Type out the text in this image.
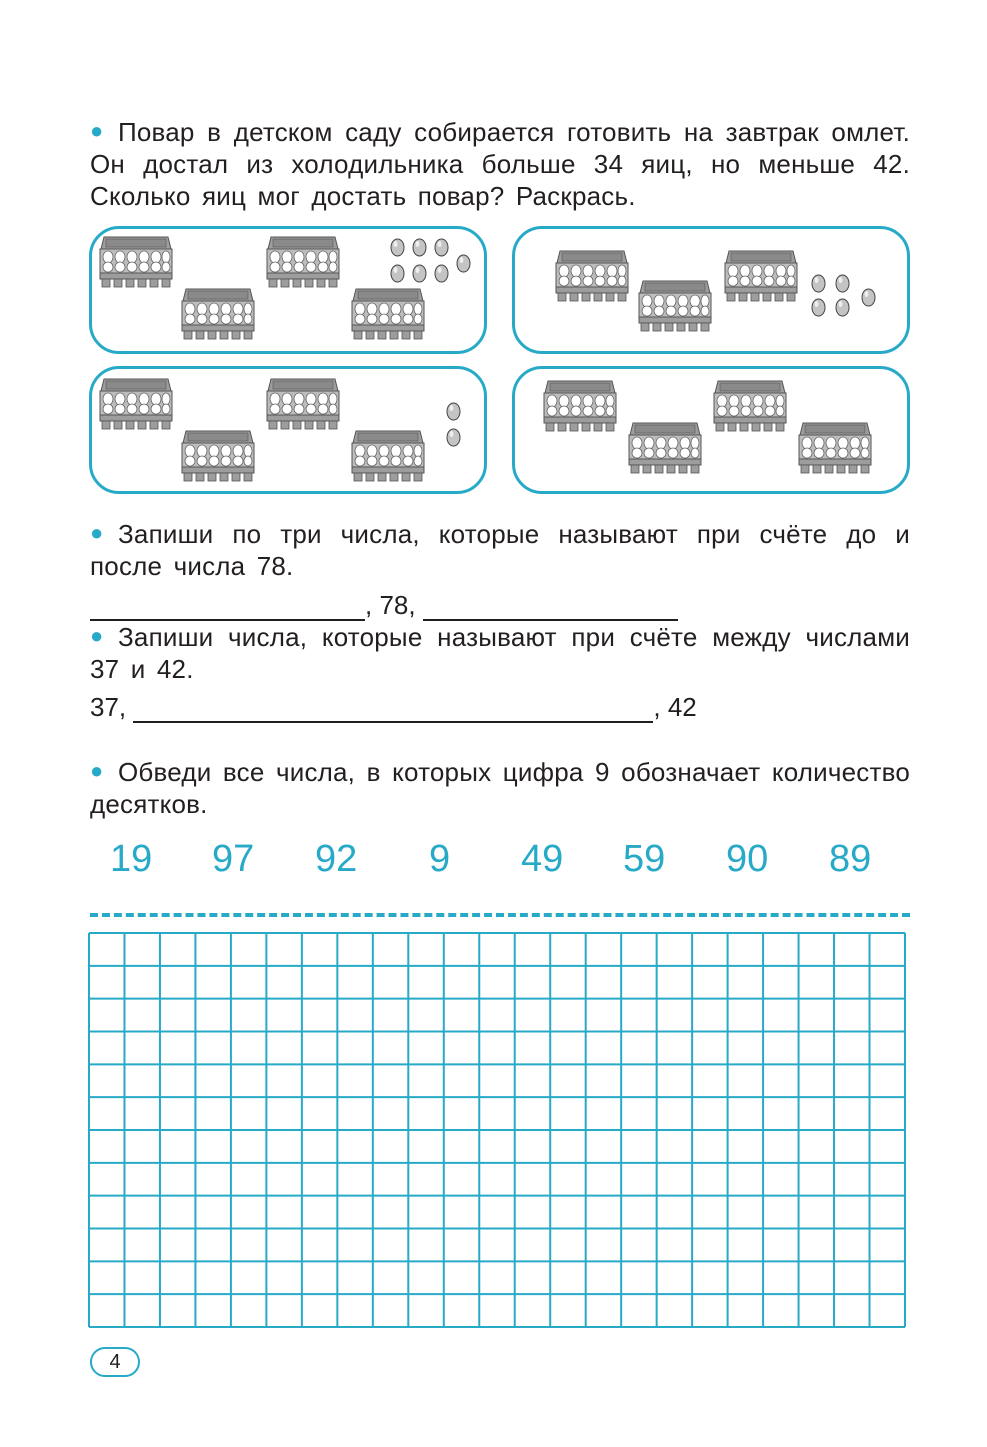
● Повар в детском саду собирается готовить на завтрак омлет. Он достал из холодильника больше 34 яиц, но меньше 42. Сколько яиц мог достать повар? Раскрась.
● Запиши по три числа, которые называют при счёте до и после числа 78.
, 78,
● Запиши числа, которые называют при счёте между числами 37 и 42.
37,	, 42
● Обведи все числа, в которых цифра 9 обозначает количество десятков.
19 97 92 9 49 59 90 89
4
